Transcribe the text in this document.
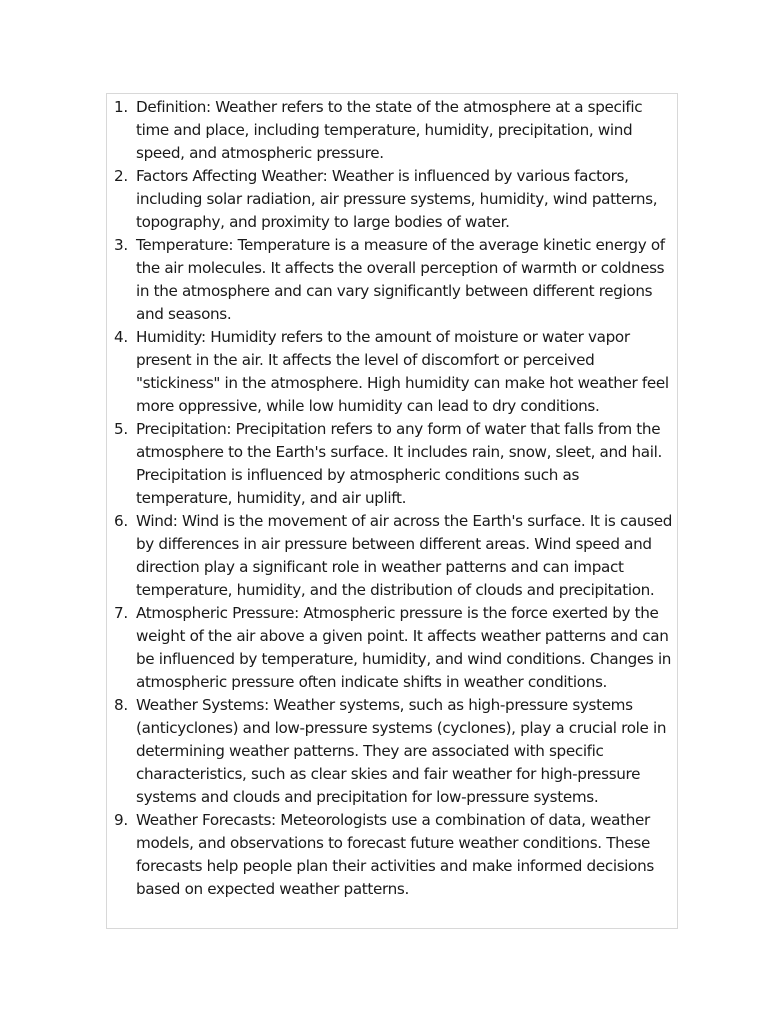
1. Definition: Weather refers to the state of the atmosphere at a specific time and place, including temperature, humidity, precipitation, wind speed, and atmospheric pressure.
2. Factors Affecting Weather: Weather is influenced by various factors, including solar radiation, air pressure systems, humidity, wind patterns, topography, and proximity to large bodies of water.
3. Temperature: Temperature is a measure of the average kinetic energy of the air molecules. It affects the overall perception of warmth or coldness in the atmosphere and can vary significantly between different regions and seasons.
4. Humidity: Humidity refers to the amount of moisture or water vapor present in the air. It affects the level of discomfort or perceived "stickiness" in the atmosphere. High humidity can make hot weather feel more oppressive, while low humidity can lead to dry conditions.
5. Precipitation: Precipitation refers to any form of water that falls from the atmosphere to the Earth's surface. It includes rain, snow, sleet, and hail. Precipitation is influenced by atmospheric conditions such as temperature, humidity, and air uplift.
6. Wind: Wind is the movement of air across the Earth's surface. It is caused by differences in air pressure between different areas. Wind speed and direction play a significant role in weather patterns and can impact temperature, humidity, and the distribution of clouds and precipitation.
7. Atmospheric Pressure: Atmospheric pressure is the force exerted by the weight of the air above a given point. It affects weather patterns and can be influenced by temperature, humidity, and wind conditions. Changes in atmospheric pressure often indicate shifts in weather conditions.
8. Weather Systems: Weather systems, such as high-pressure systems (anticyclones) and low-pressure systems (cyclones), play a crucial role in determining weather patterns. They are associated with specific characteristics, such as clear skies and fair weather for high-pressure systems and clouds and precipitation for low-pressure systems.
9. Weather Forecasts: Meteorologists use a combination of data, weather models, and observations to forecast future weather conditions. These forecasts help people plan their activities and make informed decisions based on expected weather patterns.
